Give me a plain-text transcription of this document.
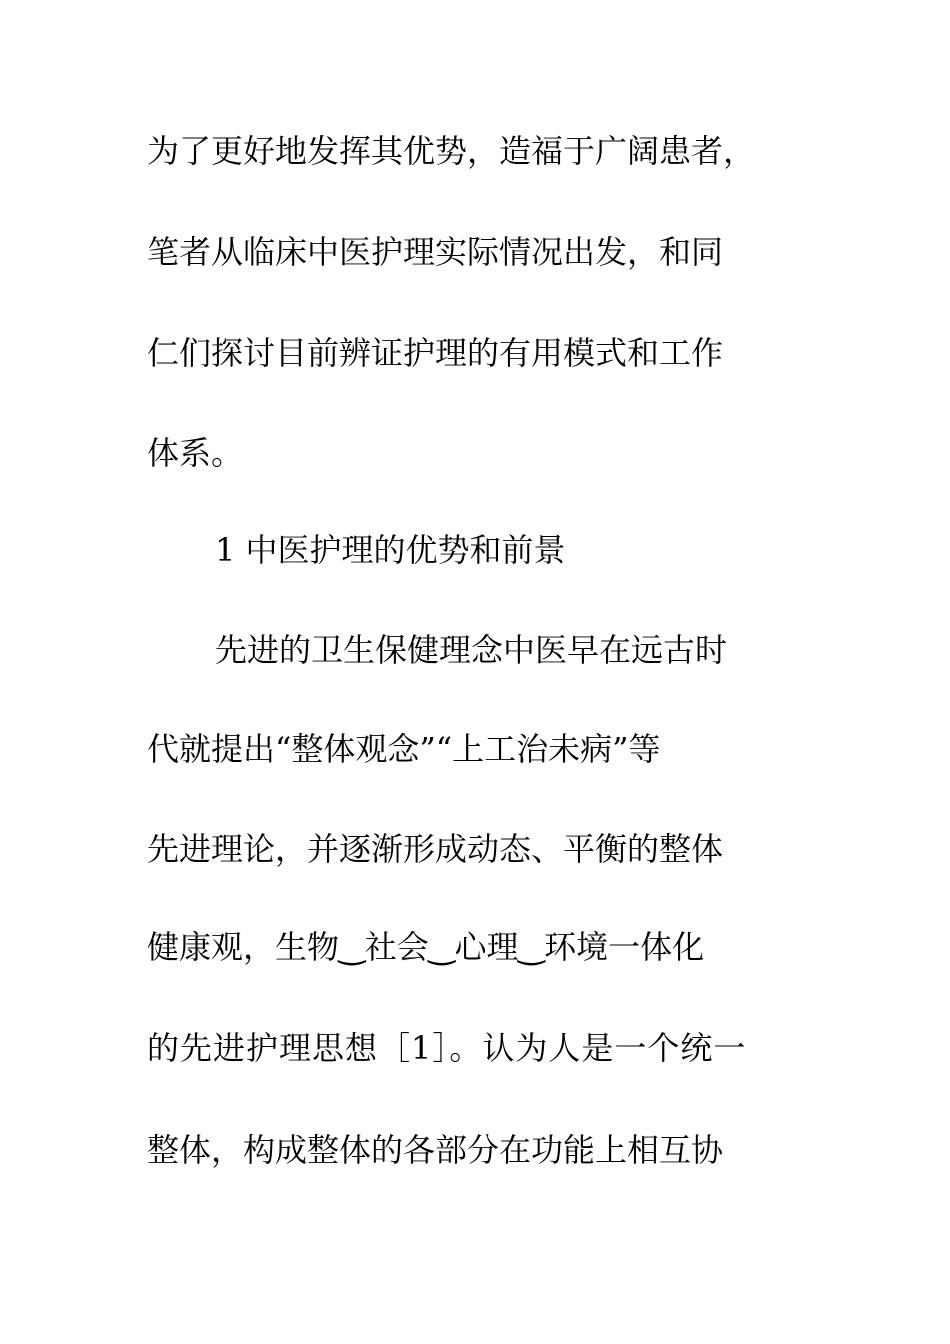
为了更好地发挥其优势，造福于广阔患者，
笔者从临床中医护理实际情况出发，和同
仁们探讨目前辨证护理的有用模式和工作
体系。
1 中医护理的优势和前景
先进的卫生保健理念中医早在远古时
代就提出“整体观念”“上工治未病”等
先进理论，并逐渐形成动态、平衡的整体
健康观，生物‿社会‿心理‿环境一体化
的先进护理思想［1］。认为人是一个统一
整体，构成整体的各部分在功能上相互协
